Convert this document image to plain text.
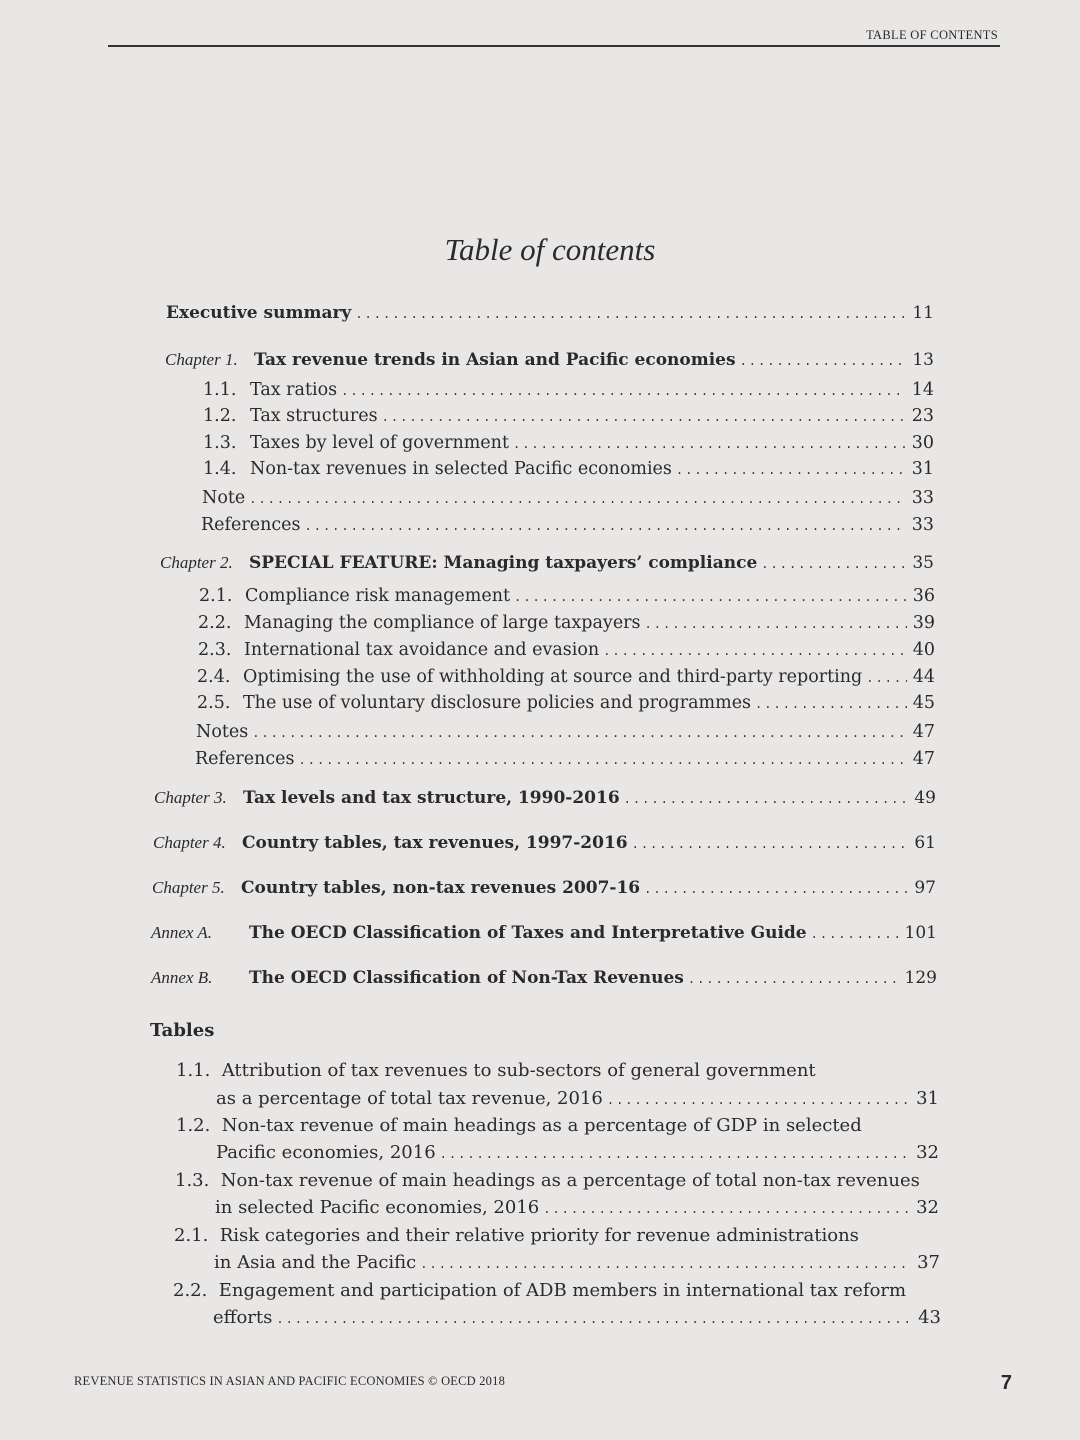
TABLE OF CONTENTS
Table of contents
Executive summary .....	11
Chapter 1. Tax revenue trends in Asian and Pacific economies .....	13
1.1. Tax ratios .....	14
1.2. Tax structures .....	23
1.3. Taxes by level of government .....	30
1.4. Non-tax revenues in selected Pacific economies .....	31
Note .....	33
References .....	33
Chapter 2. SPECIAL FEATURE: Managing taxpayers’ compliance .....	35
2.1. Compliance risk management .....	36
2.2. Managing the compliance of large taxpayers .....	39
2.3. International tax avoidance and evasion .....	40
2.4. Optimising the use of withholding at source and third-party reporting .....	44
2.5. The use of voluntary disclosure policies and programmes .....	45
Notes .....	47
References .....	47
Chapter 3. Tax levels and tax structure, 1990-2016 .....	49
Chapter 4. Country tables, tax revenues, 1997-2016 .....	61
Chapter 5. Country tables, non-tax revenues 2007-16 .....	97
Annex A. The OECD Classification of Taxes and Interpretative Guide .....	101
Annex B. The OECD Classification of Non-Tax Revenues .....	129
Tables
1.1. Attribution of tax revenues to sub-sectors of general government
as a percentage of total tax revenue, 2016 .....	31
1.2. Non-tax revenue of main headings as a percentage of GDP in selected
Pacific economies, 2016 .....	32
1.3. Non-tax revenue of main headings as a percentage of total non-tax revenues
in selected Pacific economies, 2016 .....	32
2.1. Risk categories and their relative priority for revenue administrations
in Asia and the Pacific .....	37
2.2. Engagement and participation of ADB members in international tax reform
efforts .....	43
REVENUE STATISTICS IN ASIAN AND PACIFIC ECONOMIES © OECD 2018	7
